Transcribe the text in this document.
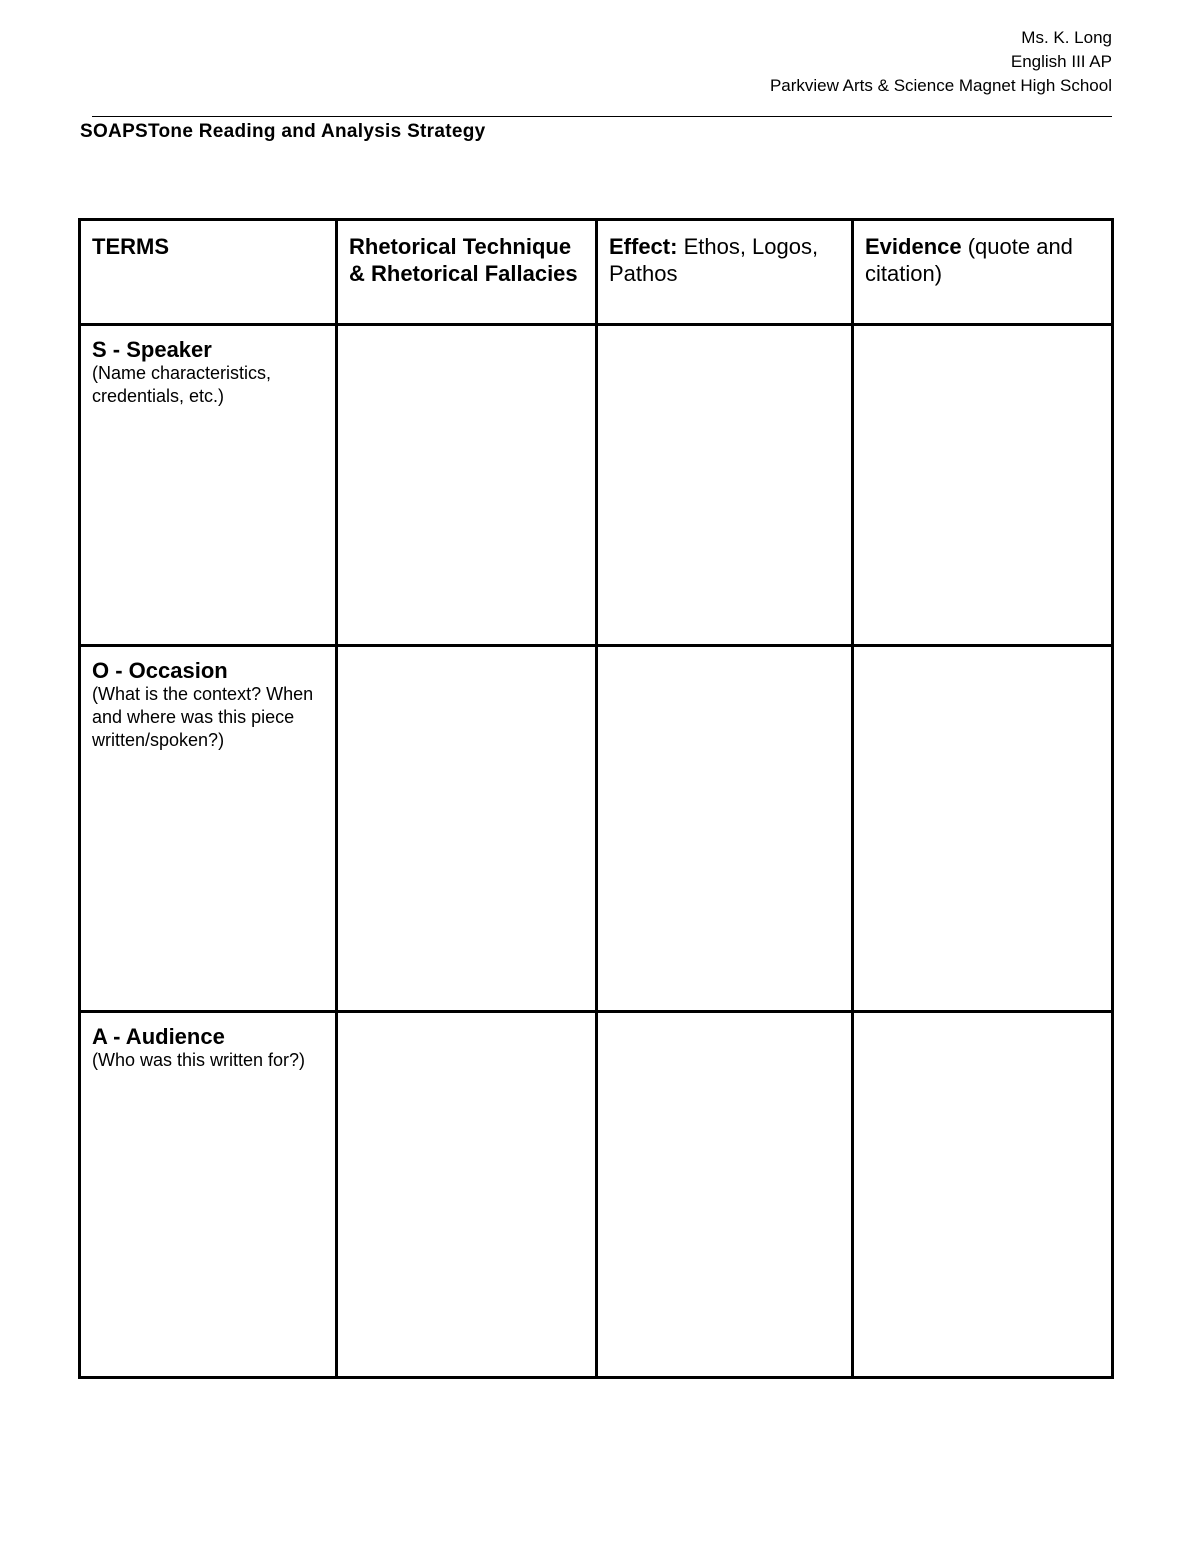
Ms. K. Long
English III AP
Parkview Arts & Science Magnet High School
SOAPSTone Reading and Analysis Strategy
TERMS	Rhetorical Technique & Rhetorical Fallacies	Effect: Ethos, Logos, Pathos	Evidence (quote and citation)

S - Speaker
(Name characteristics, credentials, etc.)			

O - Occasion
(What is the context? When and where was this piece written/spoken?)			

A - Audience
(Who was this written for?)			
